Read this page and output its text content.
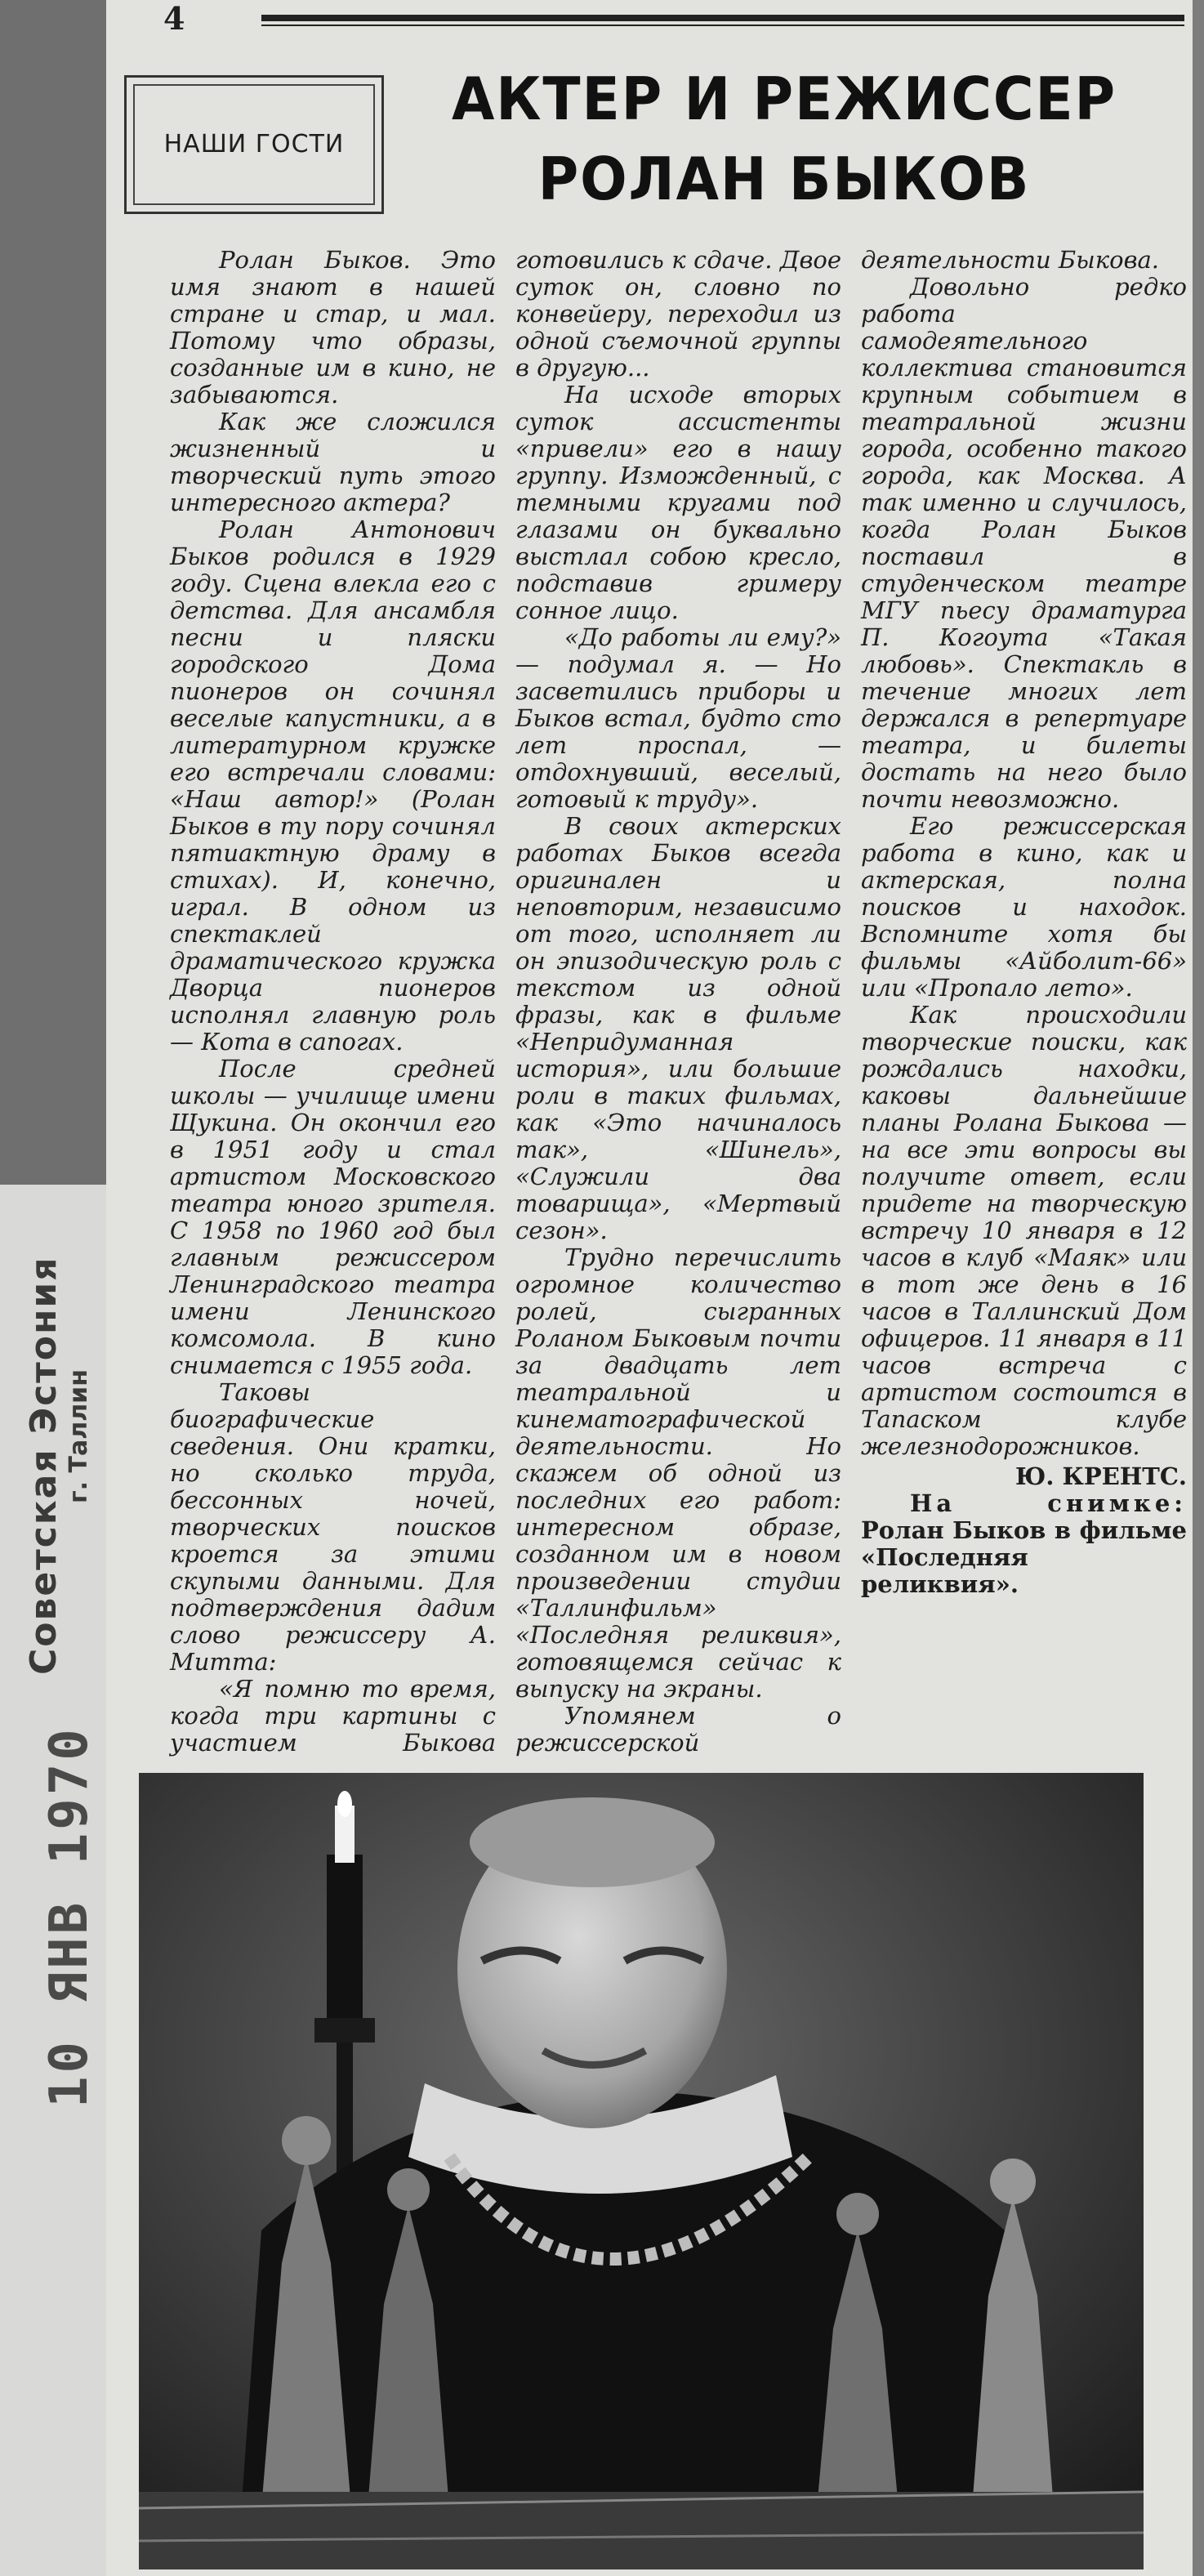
Советская Эстония г. Таллин
10 ЯНВ 1970
4
НАШИ ГОСТИ
АКТЕР И РЕЖИССЕР
РОЛАН БЫКОВ

Ролан Быков. Это имя знают в нашей стране и стар, и мал. Потому что образы, созданные им в кино, не забываются.

Как же сложился жизненный и творческий путь этого интересного актера?

Ролан Антонович Быков родился в 1929 году. Сцена влекла его с детства. Для ансамбля песни и пляски городского Дома пионеров он сочинял веселые капустники, а в литературном кружке его встречали словами: «Наш автор!» (Ролан Быков в ту пору сочинял пятиактную драму в стихах). И, конечно, играл. В одном из спектаклей драматического кружка Дворца пионеров исполнял главную роль — Кота в сапогах.

После средней школы — училище имени Щукина. Он окончил его в 1951 году и стал артистом Московского театра юного зрителя. С 1958 по 1960 год был главным режиссером Ленинградского театра имени Ленинского комсомола. В кино снимается с 1955 года.

Таковы биографические сведения. Они кратки, но сколько труда, бессонных ночей, творческих поисков кроется за этими скупыми данными. Для подтверждения дадим слово режиссеру А. Митта:

«Я помню то время, когда три картины с участием Быкова готовились к сдаче. Двое суток он, словно по конвейеру, переходил из одной съемочной группы в другую...

На исходе вторых суток ассистенты «привели» его в нашу группу. Изможденный, с темными кругами под глазами он буквально выстлал собою кресло, подставив гримеру сонное лицо.

«До работы ли ему?» — подумал я. — Но засветились приборы и Быков встал, будто сто лет проспал, — отдохнувший, веселый, готовый к труду».

В своих актерских работах Быков всегда оригинален и неповторим, независимо от того, исполняет ли он эпизодическую роль с текстом из одной фразы, как в фильме «Непридуманная история», или большие роли в таких фильмах, как «Это начиналось так», «Шинель», «Служили два товарища», «Мертвый сезон».

Трудно перечислить огромное количество ролей, сыгранных Роланом Быковым почти за двадцать лет театральной и кинематографической деятельности. Но скажем об одной из последних его работ: интересном образе, созданном им в новом произведении студии «Таллинфильм» «Последняя реликвия», готовящемся сейчас к выпуску на экраны.

Упомянем о режиссерской деятельности Быкова.

Довольно редко работа самодеятельного коллектива становится крупным событием в театральной жизни города, особенно такого города, как Москва. А так именно и случилось, когда Ролан Быков поставил в студенческом театре МГУ пьесу драматурга П. Когоута «Такая любовь». Спектакль в течение многих лет держался в репертуаре театра, и билеты достать на него было почти невозможно.

Его режиссерская работа в кино, как и актерская, полна поисков и находок. Вспомните хотя бы фильмы «Айболит-66» или «Пропало лето».

Как происходили творческие поиски, как рождались находки, каковы дальнейшие планы Ролана Быкова — на все эти вопросы вы получите ответ, если придете на творческую встречу 10 января в 12 часов в клуб «Маяк» или в тот же день в 16 часов в Таллинский Дом офицеров. 11 января в 11 часов встреча с артистом состоится в Тапаском клубе железнодорожников.

Ю. КРЕНТС.

На снимке: Ролан Быков в фильме «Последняя реликвия».
